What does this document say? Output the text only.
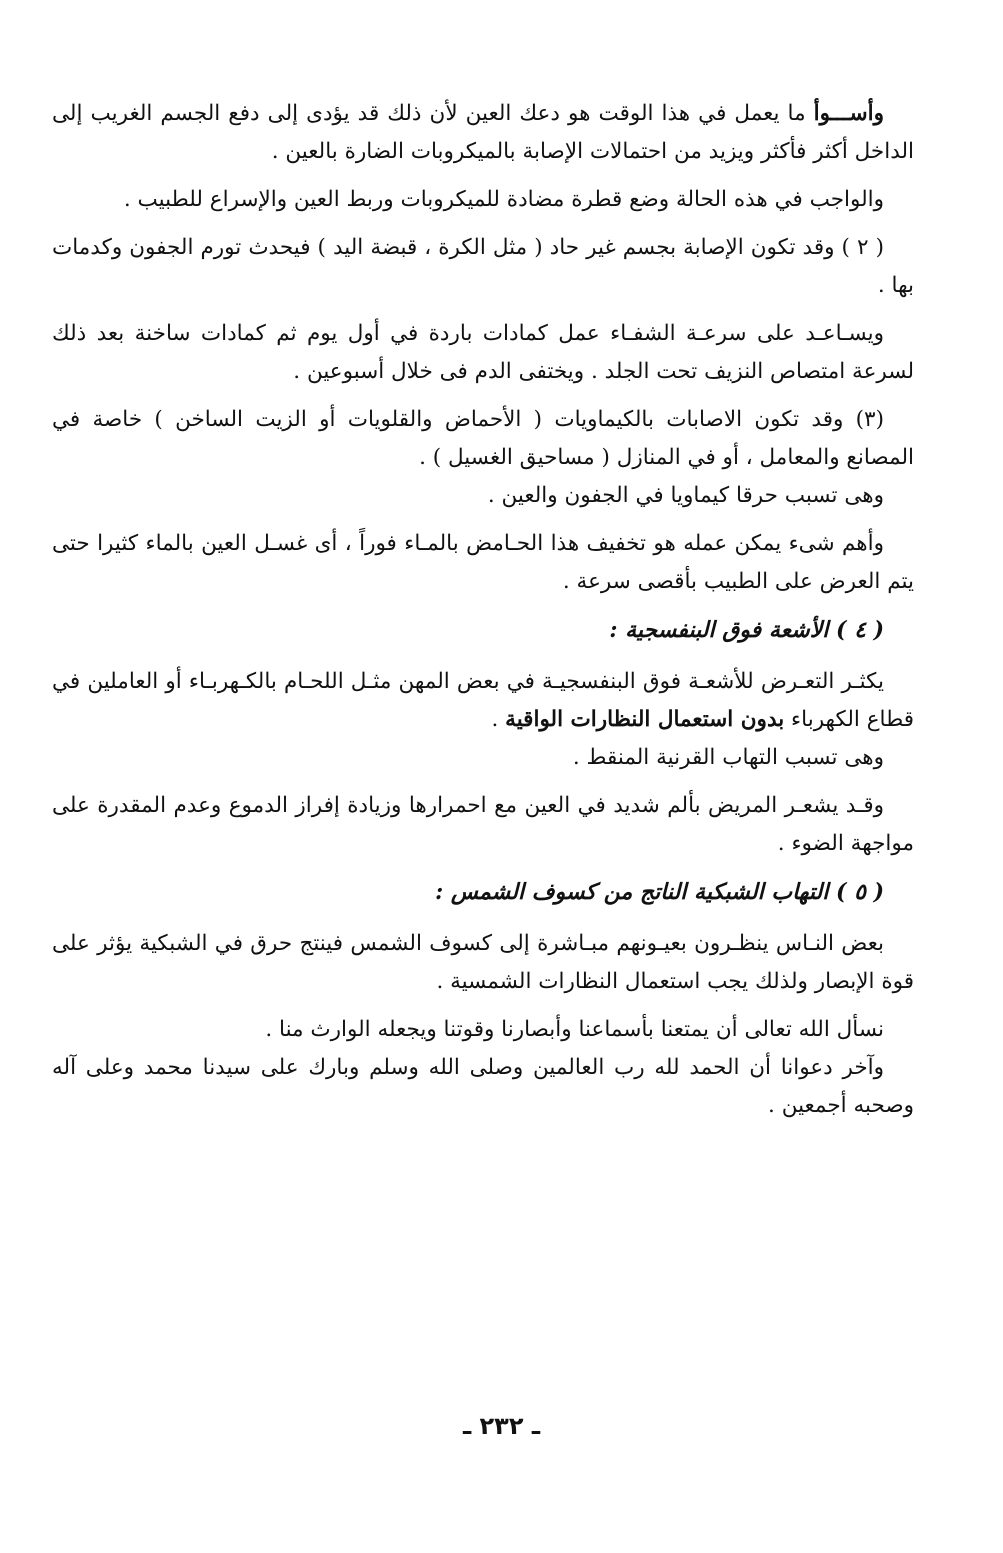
وأســـوأ ما يعمل في هذا الوقت هو دعك العين لأن ذلك قد يؤدى إلى دفع الجسم الغريب إلى الداخل أكثر فأكثر ويزيد من احتمالات الإصابة بالميكروبات الضارة بالعين .

والواجب في هذه الحالة وضع قطرة مضادة للميكروبات وربط العين والإسراع للطبيب .

( ٢ ) وقد تكون الإصابة بجسم غير حاد ( مثل الكرة ، قبضة اليد ) فيحدث تورم الجفون وكدمات بها .

ويسـاعـد على سرعـة الشفـاء عمل كمادات باردة في أول يوم ثم كمادات ساخنة بعد ذلك لسرعة امتصاص النزيف تحت الجلد . ويختفى الدم فى خلال أسبوعين .

(٣) وقد تكون الاصابات بالكيماويات ( الأحماض والقلويات أو الزيت الساخن ) خاصة في المصانع والمعامل ، أو في المنازل ( مساحيق الغسيل ) .

وهى تسبب حرقا كيماويا في الجفون والعين .

وأهم شىء يمكن عمله هو تخفيف هذا الحـامض بالمـاء فوراً ، أى غسـل العين بالماء كثيرا حتى يتم العرض على الطبيب بأقصى سرعة .

( ٤ ) الأشعة فوق البنفسجية :

يكثـر التعـرض للأشعـة فوق البنفسجيـة في بعض المهن مثـل اللحـام بالكـهربـاء أو العاملين في قطاع الكهرباء بدون استعمال النظارات الواقية .

وهى تسبب التهاب القرنية المنقط .

وقـد يشعـر المريض بألم شديد في العين مع احمرارها وزيادة إفراز الدموع وعدم المقدرة على مواجهة الضوء .

( ٥ ) التهاب الشبكية الناتج من كسوف الشمس :

بعض النـاس ينظـرون بعيـونهم مبـاشرة إلى كسوف الشمس فينتج حرق في الشبكية يؤثر على قوة الإبصار ولذلك يجب استعمال النظارات الشمسية .

نسأل الله تعالى أن يمتعنا بأسماعنا وأبصارنا وقوتنا ويجعله الوارث منا .

وآخر دعوانا أن الحمد لله رب العالمين وصلى الله وسلم وبارك على سيدنا محمد وعلى آله وصحبه أجمعين .

ـ ٢٣٢ ـ
